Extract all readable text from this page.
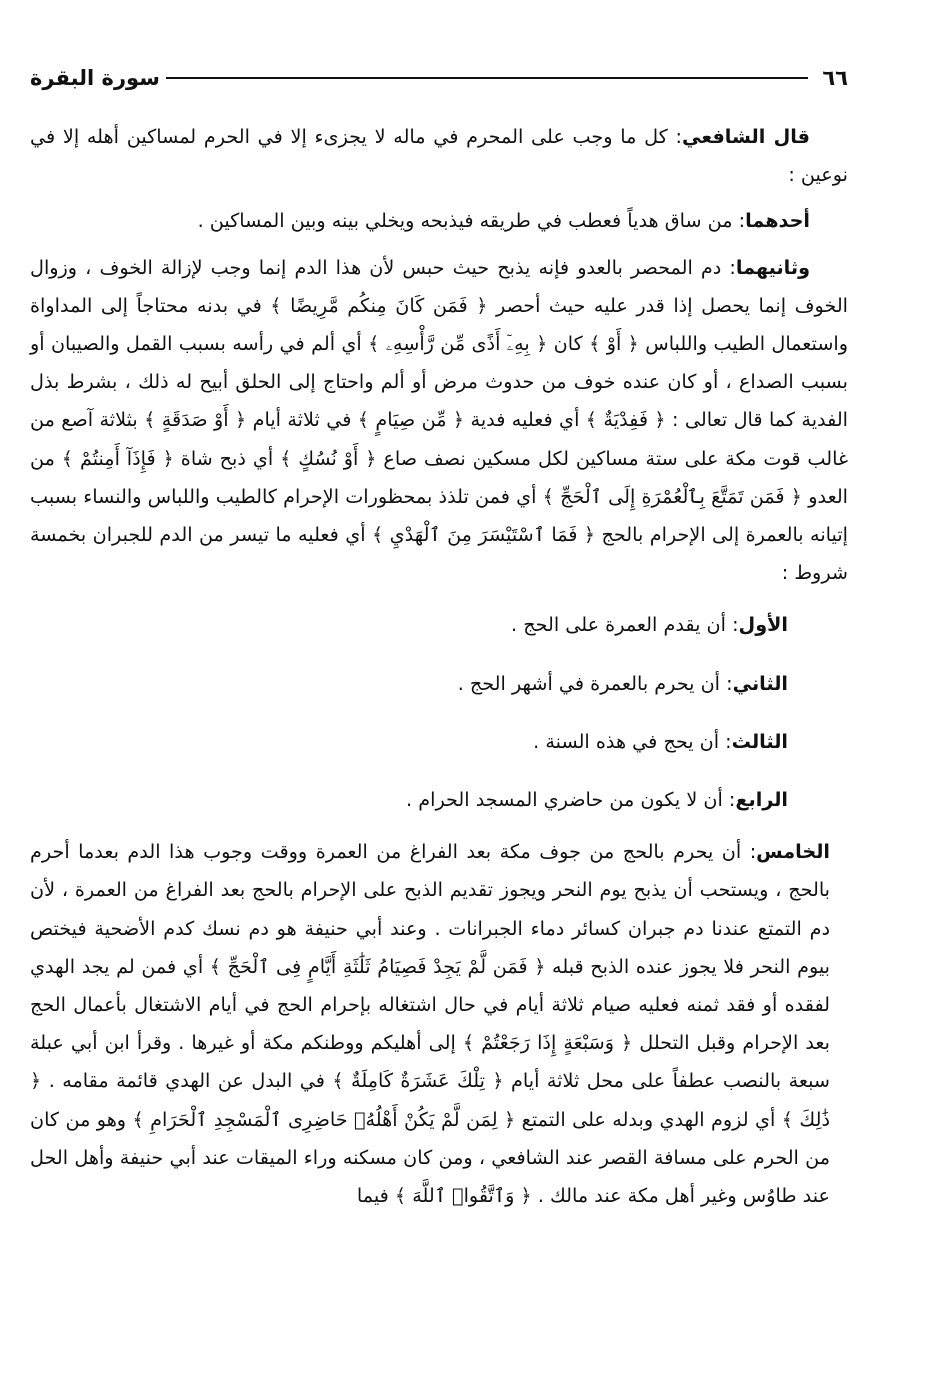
٦٦
سورة البقرة

قال الشافعي: كل ما وجب على المحرم في ماله لا يجزىء إلا في الحرم لمساكين أهله إلا في نوعين :

أحدهما: من ساق هدياً فعطب في طريقه فيذبحه ويخلي بينه وبين المساكين .

وثانيهما: دم المحصر بالعدو فإنه يذبح حيث حبس لأن هذا الدم إنما وجب لإزالة الخوف ، وزوال الخوف إنما يحصل إذا قدر عليه حيث أحصر ﴿ فَمَن كَانَ مِنكُم مَّرِيضًا ﴾ في بدنه محتاجاً إلى المداواة واستعمال الطيب واللباس ﴿ أَوْ ﴾ كان ﴿ بِهِۦٓ أَذًى مِّن رَّأْسِهِۦ ﴾ أي ألم في رأسه بسبب القمل والصيبان أو بسبب الصداع ، أو كان عنده خوف من حدوث مرض أو ألم واحتاج إلى الحلق أبيح له ذلك ، بشرط بذل الفدية كما قال تعالى : ﴿ فَفِدْيَةٌ ﴾ أي فعليه فدية ﴿ مِّن صِيَامٍ ﴾ في ثلاثة أيام ﴿ أَوْ صَدَقَةٍ ﴾ بثلاثة آصع من غالب قوت مكة على ستة مساكين لكل مسكين نصف صاع ﴿ أَوْ نُسُكٍ ﴾ أي ذبح شاة ﴿ فَإِذَآ أَمِنتُمْ ﴾ من العدو ﴿ فَمَن تَمَتَّعَ بِٱلْعُمْرَةِ إِلَى ٱلْحَجِّ ﴾ أي فمن تلذذ بمحظورات الإحرام كالطيب واللباس والنساء بسبب إتيانه بالعمرة إلى الإحرام بالحج ﴿ فَمَا ٱسْتَيْسَرَ مِنَ ٱلْهَدْيِ ﴾ أي فعليه ما تيسر من الدم للجبران بخمسة شروط :

الأول: أن يقدم العمرة على الحج .

الثاني: أن يحرم بالعمرة في أشهر الحج .

الثالث: أن يحج في هذه السنة .

الرابع: أن لا يكون من حاضري المسجد الحرام .

الخامس: أن يحرم بالحج من جوف مكة بعد الفراغ من العمرة ووقت وجوب هذا الدم بعدما أحرم بالحج ، ويستحب أن يذبح يوم النحر ويجوز تقديم الذبح على الإحرام بالحج بعد الفراغ من العمرة ، لأن دم التمتع عندنا دم جبران كسائر دماء الجبرانات . وعند أبي حنيفة هو دم نسك كدم الأضحية فيختص بيوم النحر فلا يجوز عنده الذبح قبله ﴿ فَمَن لَّمْ يَجِدْ فَصِيَامُ ثَلَٰثَةِ أَيَّامٍ فِى ٱلْحَجِّ ﴾ أي فمن لم يجد الهدي لفقده أو فقد ثمنه فعليه صيام ثلاثة أيام في حال اشتغاله بإحرام الحج في أيام الاشتغال بأعمال الحج بعد الإحرام وقبل التحلل ﴿ وَسَبْعَةٍ إِذَا رَجَعْتُمْ ﴾ إلى أهليكم ووطنكم مكة أو غيرها . وقرأ ابن أبي عبلة سبعة بالنصب عطفاً على محل ثلاثة أيام ﴿ تِلْكَ عَشَرَةٌ كَامِلَةٌ ﴾ في البدل عن الهدي قائمة مقامه . ﴿ ذَٰلِكَ ﴾ أي لزوم الهدي وبدله على التمتع ﴿ لِمَن لَّمْ يَكُنْ أَهْلُهُۥ حَاضِرِى ٱلْمَسْجِدِ ٱلْحَرَامِ ﴾ وهو من كان من الحرم على مسافة القصر عند الشافعي ، ومن كان مسكنه وراء الميقات عند أبي حنيفة وأهل الحل عند طاوُس وغير أهل مكة عند مالك . ﴿ وَٱتَّقُوا۟ ٱللَّهَ ﴾ فيما
